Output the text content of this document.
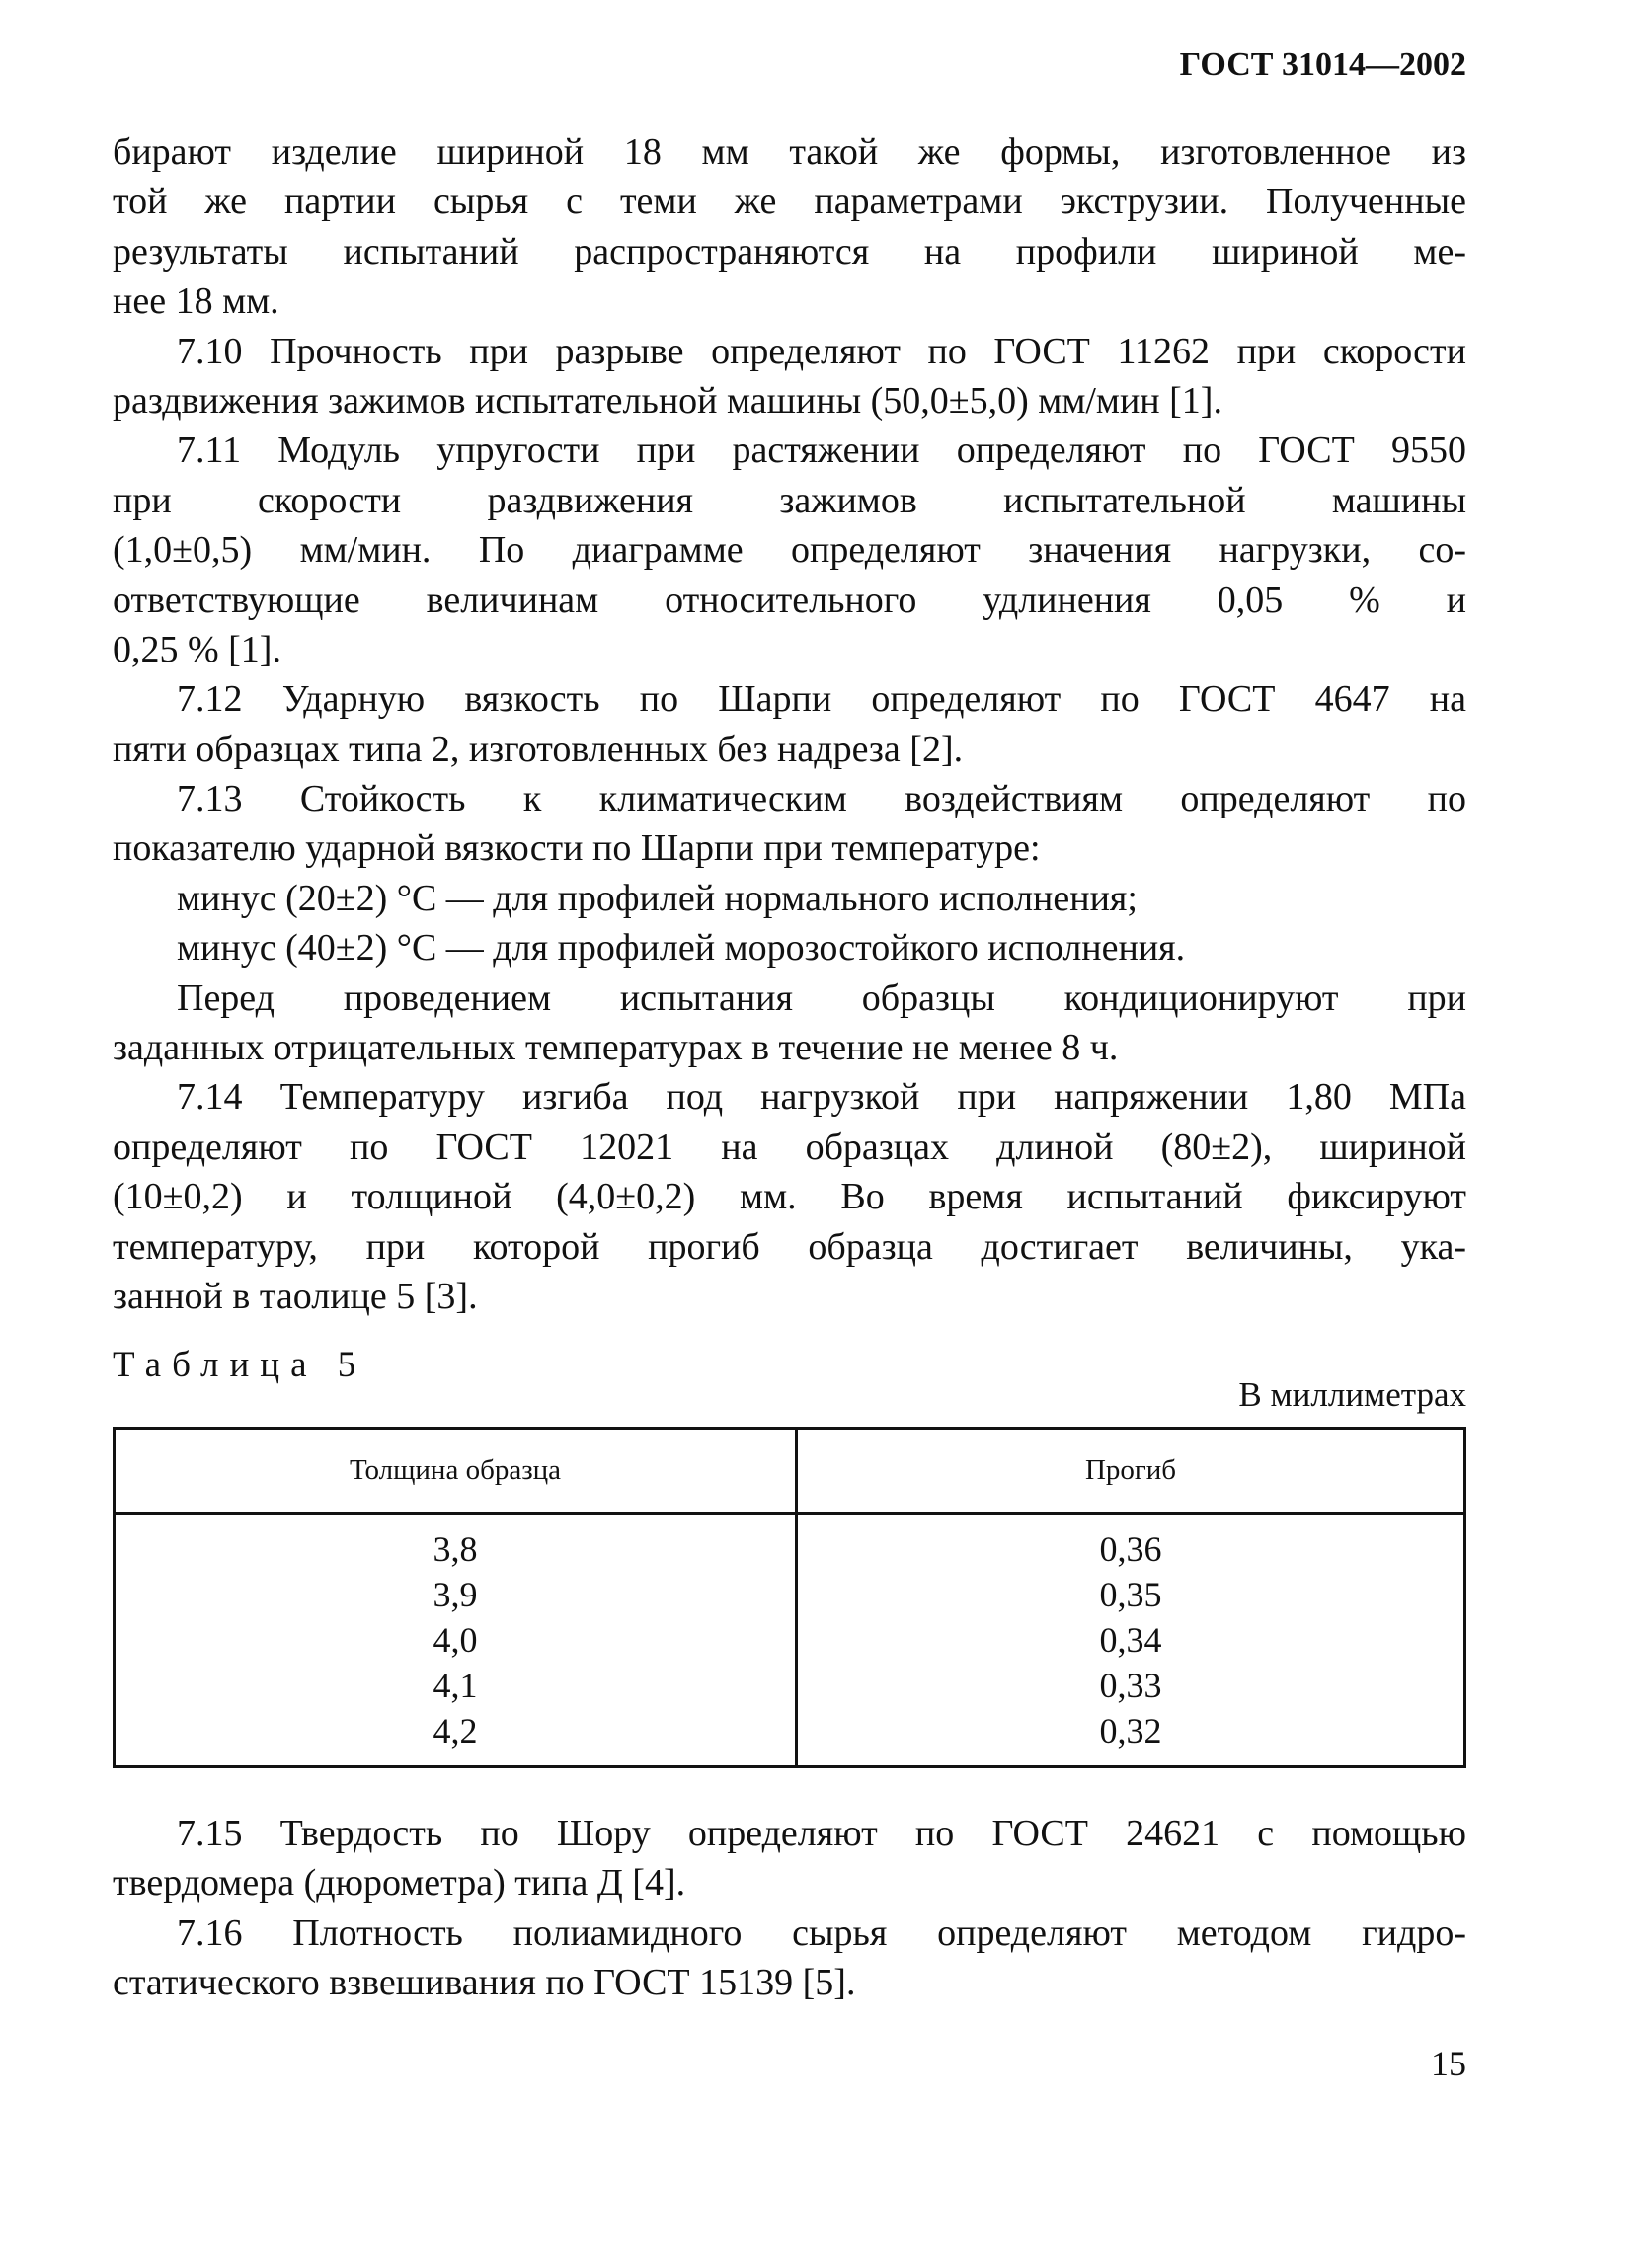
ГОСТ 31014—2002
бирают изделие шириной 18 мм такой же формы, изготовленное из
той же партии сырья с теми же параметрами экструзии. Полученные
результаты испытаний распространяются на профили шириной ме-
нее 18 мм.
7.10 Прочность при разрыве определяют по ГОСТ 11262 при скорости
раздвижения зажимов испытательной машины (50,0±5,0) мм/мин [1].
7.11 Модуль упругости при растяжении определяют по ГОСТ 9550
при скорости раздвижения зажимов испытательной машины
(1,0±0,5) мм/мин. По диаграмме определяют значения нагрузки, со-
ответствующие величинам относительного удлинения 0,05 % и
0,25 % [1].
7.12 Ударную вязкость по Шарпи определяют по ГОСТ 4647 на
пяти образцах типа 2, изготовленных без надреза [2].
7.13 Стойкость к климатическим воздействиям определяют по
показателю ударной вязкости по Шарпи при температуре:
минус (20±2) °С — для профилей нормального исполнения;
минус (40±2) °С — для профилей морозостойкого исполнения.
Перед проведением испытания образцы кондиционируют при
заданных отрицательных температурах в течение не менее 8 ч.
7.14 Температуру изгиба под нагрузкой при напряжении 1,80 МПа
определяют по ГОСТ 12021 на образцах длиной (80±2), шириной
(10±0,2) и толщиной (4,0±0,2) мм. Во время испытаний фиксируют
температуру, при которой прогиб образца достигает величины, ука-
занной в таолице 5 [3].
Таблица 5
В миллиметрах
Толщина образца	Прогиб
3,8	0,36
3,9	0,35
4,0	0,34
4,1	0,33
4,2	0,32
7.15 Твердость по Шору определяют по ГОСТ 24621 с помощью
твердомера (дюрометра) типа Д [4].
7.16 Плотность полиамидного сырья определяют методом гидро-
статического взвешивания по ГОСТ 15139 [5].
15
